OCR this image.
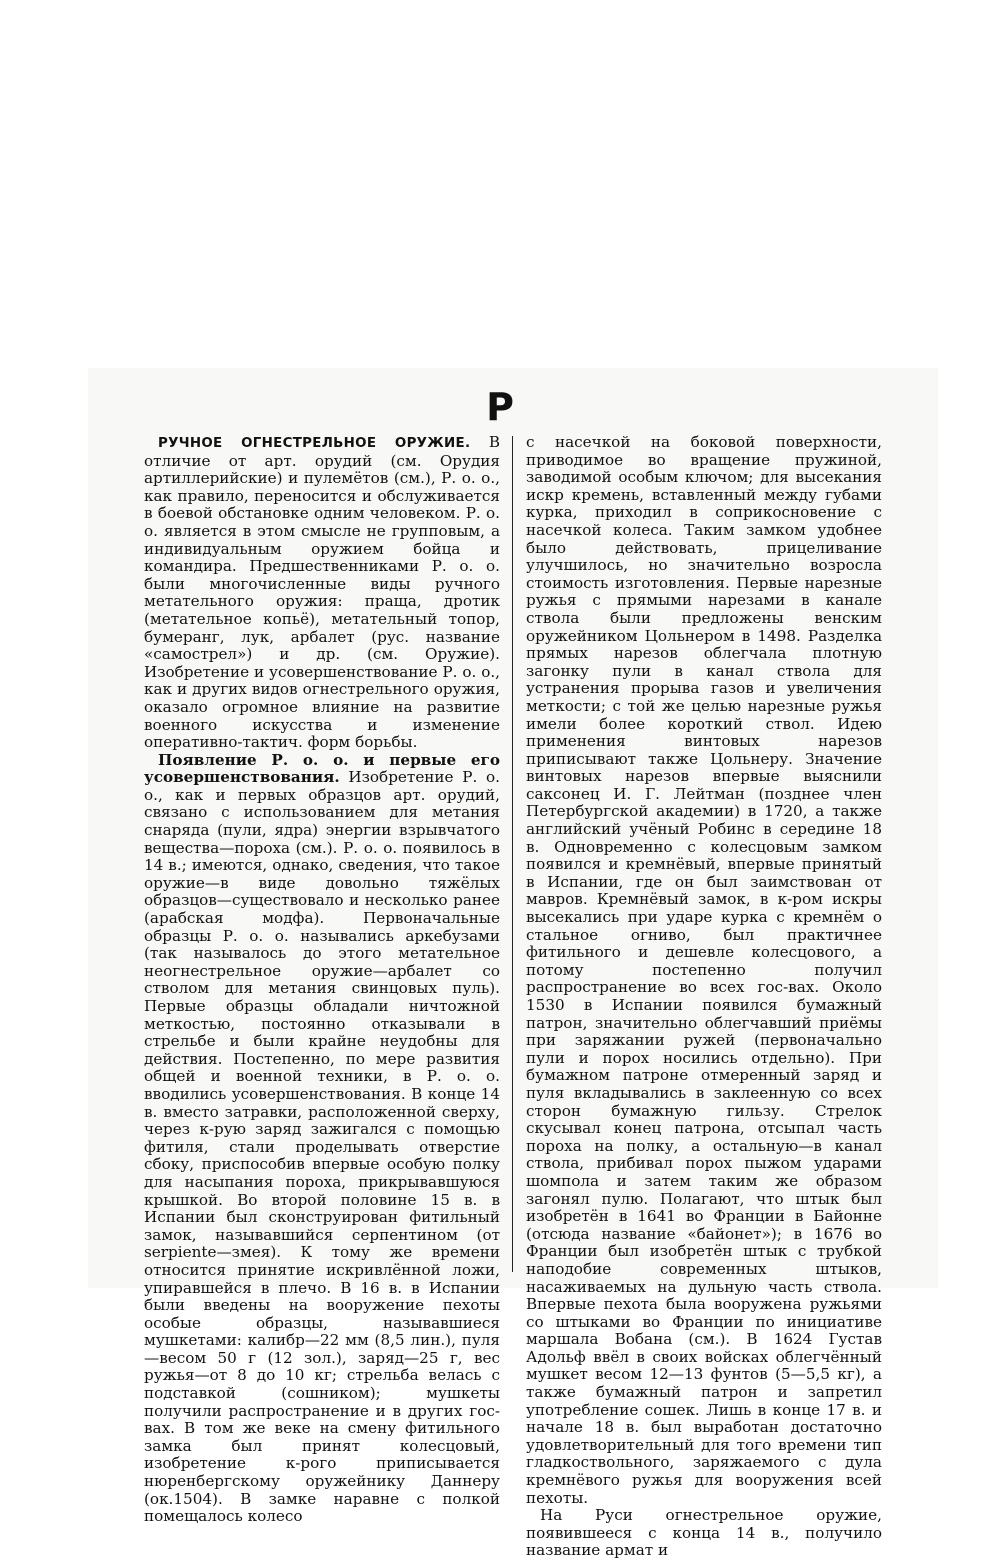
Р

РУЧНОЕ ОГНЕСТРЕЛЬНОЕ ОРУЖИЕ. В отличие от арт. орудий (см. Орудия артиллерийские) и пулемётов (см.), Р. о. о., как правило, переносится и обслуживается в боевой обстановке одним человеком. Р. о. о. является в этом смысле не групповым, а индивидуальным оружием бойца и командира. Предшественниками Р. о. о. были многочисленные виды ручного метательного оружия: праща, дротик (метательное копьё), метательный топор, бумеранг, лук, арбалет (рус. название «самострел») и др. (см. Оружие). Изобретение и усовершенствование Р. о. о., как и других видов огнестрельного оружия, оказало огромное влияние на развитие военного искусства и изменение оперативно-тактич. форм борьбы.

Появление Р. о. о. и первые его усовершенствования. Изобретение Р. о. о., как и первых образцов арт. орудий, связано с использованием для метания снаряда (пули, ядра) энергии взрывчатого вещества—пороха (см.). Р. о. о. появилось в 14 в.; имеются, однако, сведения, что такое оружие—в виде довольно тяжёлых образцов—существовало и несколько ранее (арабская модфа). Первоначальные образцы Р. о. о. назывались аркебузами (так называлось до этого метательное неогнестрельное оружие—арбалет со стволом для метания свинцовых пуль). Первые образцы обладали ничтожной меткостью, постоянно отказывали в стрельбе и были крайне неудобны для действия. Постепенно, по мере развития общей и военной техники, в Р. о. о. вводились усовершенствования. В конце 14 в. вместо затравки, расположенной сверху, через к-рую заряд зажигался с помощью фитиля, стали проделывать отверстие сбоку, приспособив впервые особую полку для насыпания пороха, прикрывавшуюся крышкой. Во второй половине 15 в. в Испании был сконструирован фитильный замок, называвшийся серпентином (от serpiente—змея). К тому же времени относится принятие искривлённой ложи, упиравшейся в плечо. В 16 в. в Испании были введены на вооружение пехоты особые образцы, называвшиеся мушкетами: калибр—22 мм (8,5 лин.), пуля—весом 50 г (12 зол.), заряд—25 г, вес ружья—от 8 до 10 кг; стрельба велась с подставкой (сошником); мушкеты получили распространение и в других гос-вах. В том же веке на смену фитильного замка был принят колесцовый, изобретение к-рого приписывается нюренбергскому оружейнику Даннеру (ок.1504). В замке наравне с полкой помещалось колесо

с насечкой на боковой поверхности, приводимое во вращение пружиной, заводимой особым ключом; для высекания искр кремень, вставленный между губами курка, приходил в соприкосновение с насечкой колеса. Таким замком удобнее было действовать, прицеливание улучшилось, но значительно возросла стоимость изготовления. Первые нарезные ружья с прямыми нарезами в канале ствола были предложены венским оружейником Цольнером в 1498. Разделка прямых нарезов облегчала плотную загонку пули в канал ствола для устранения прорыва газов и увеличения меткости; с той же целью нарезные ружья имели более короткий ствол. Идею применения винтовых нарезов приписывают также Цольнеру. Значение винтовых нарезов впервые выяснили саксонец И. Г. Лейтман (позднее член Петербургской академии) в 1720, а также английский учёный Робинс в середине 18 в. Одновременно с колесцовым замком появился и кремнёвый, впервые принятый в Испании, где он был заимствован от мавров. Кремнёвый замок, в к-ром искры высекались при ударе курка с кремнём о стальное огниво, был практичнее фитильного и дешевле колесцового, а потому постепенно получил распространение во всех гос-вах. Около 1530 в Испании появился бумажный патрон, значительно облегчавший приёмы при заряжании ружей (первоначально пули и порох носились отдельно). При бумажном патроне отмеренный заряд и пуля вкладывались в заклеенную со всех сторон бумажную гильзу. Стрелок скусывал конец патрона, отсыпал часть пороха на полку, а остальную—в канал ствола, прибивал порох пыжом ударами шомпола и затем таким же образом загонял пулю. Полагают, что штык был изобретён в 1641 во Франции в Байонне (отсюда название «байонет»); в 1676 во Франции был изобретён штык с трубкой наподобие современных штыков, насаживаемых на дульную часть ствола. Впервые пехота была вооружена ружьями со штыками во Франции по инициативе маршала Вобана (см.). В 1624 Густав Адольф ввёл в своих войсках облегчённый мушкет весом 12—13 фунтов (5—5,5 кг), а также бумажный патрон и запретил употребление сошек. Лишь в конце 17 в. и начале 18 в. был выработан достаточно удовлетворительный для того времени тип гладкоствольного, заряжаемого с дула кремнёвого ружья для вооружения всей пехоты.

На Руси огнестрельное оружие, появившееся с конца 14 в., получило название армат и
